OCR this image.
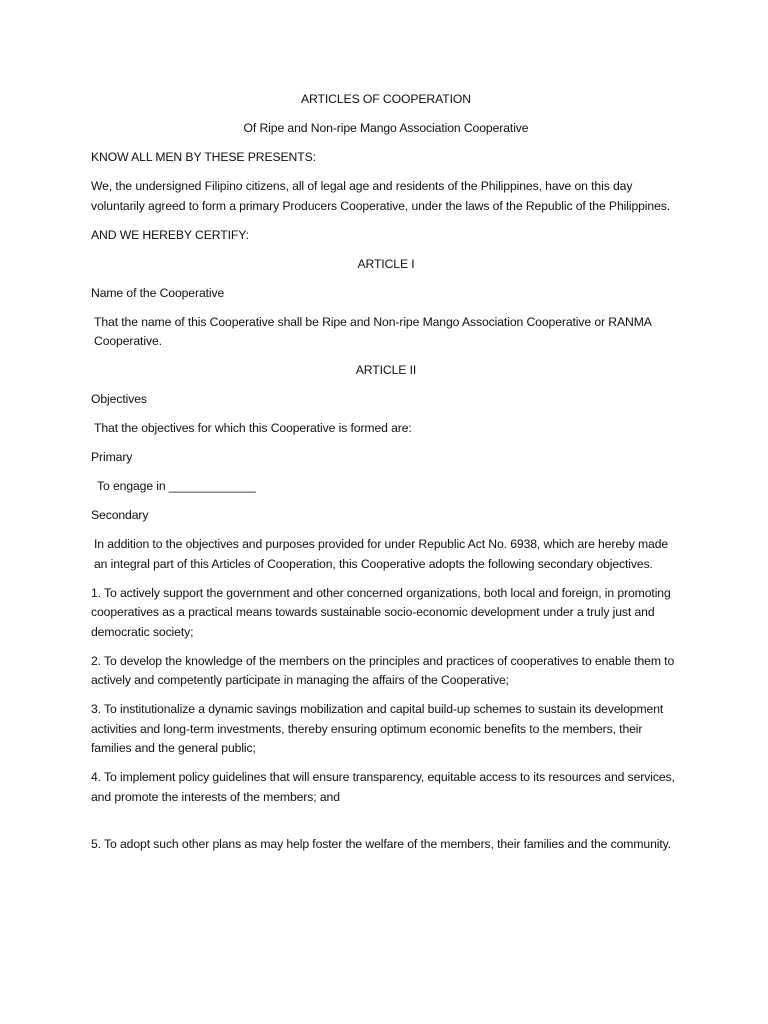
ARTICLES OF COOPERATION

Of Ripe and Non-ripe Mango Association Cooperative

KNOW ALL MEN BY THESE PRESENTS:

We, the undersigned Filipino citizens, all of legal age and residents of the Philippines, have on this day voluntarily agreed to form a primary Producers Cooperative, under the laws of the Republic of the Philippines.

AND WE HEREBY CERTIFY:

ARTICLE I

Name of the Cooperative

That the name of this Cooperative shall be Ripe and Non-ripe Mango Association Cooperative or RANMA Cooperative.

ARTICLE II

Objectives

That the objectives for which this Cooperative is formed are:

Primary

To engage in _____________

Secondary

In addition to the objectives and purposes provided for under Republic Act No. 6938, which are hereby made an integral part of this Articles of Cooperation, this Cooperative adopts the following secondary objectives.

1. To actively support the government and other concerned organizations, both local and foreign, in promoting cooperatives as a practical means towards sustainable socio-economic development under a truly just and democratic society;

2. To develop the knowledge of the members on the principles and practices of cooperatives to enable them to actively and competently participate in managing the affairs of the Cooperative;

3. To institutionalize a dynamic savings mobilization and capital build-up schemes to sustain its development activities and long-term investments, thereby ensuring optimum economic benefits to the members, their families and the general public;

4. To implement policy guidelines that will ensure transparency, equitable access to its resources and services, and promote the interests of the members; and

5. To adopt such other plans as may help foster the welfare of the members, their families and the community.
